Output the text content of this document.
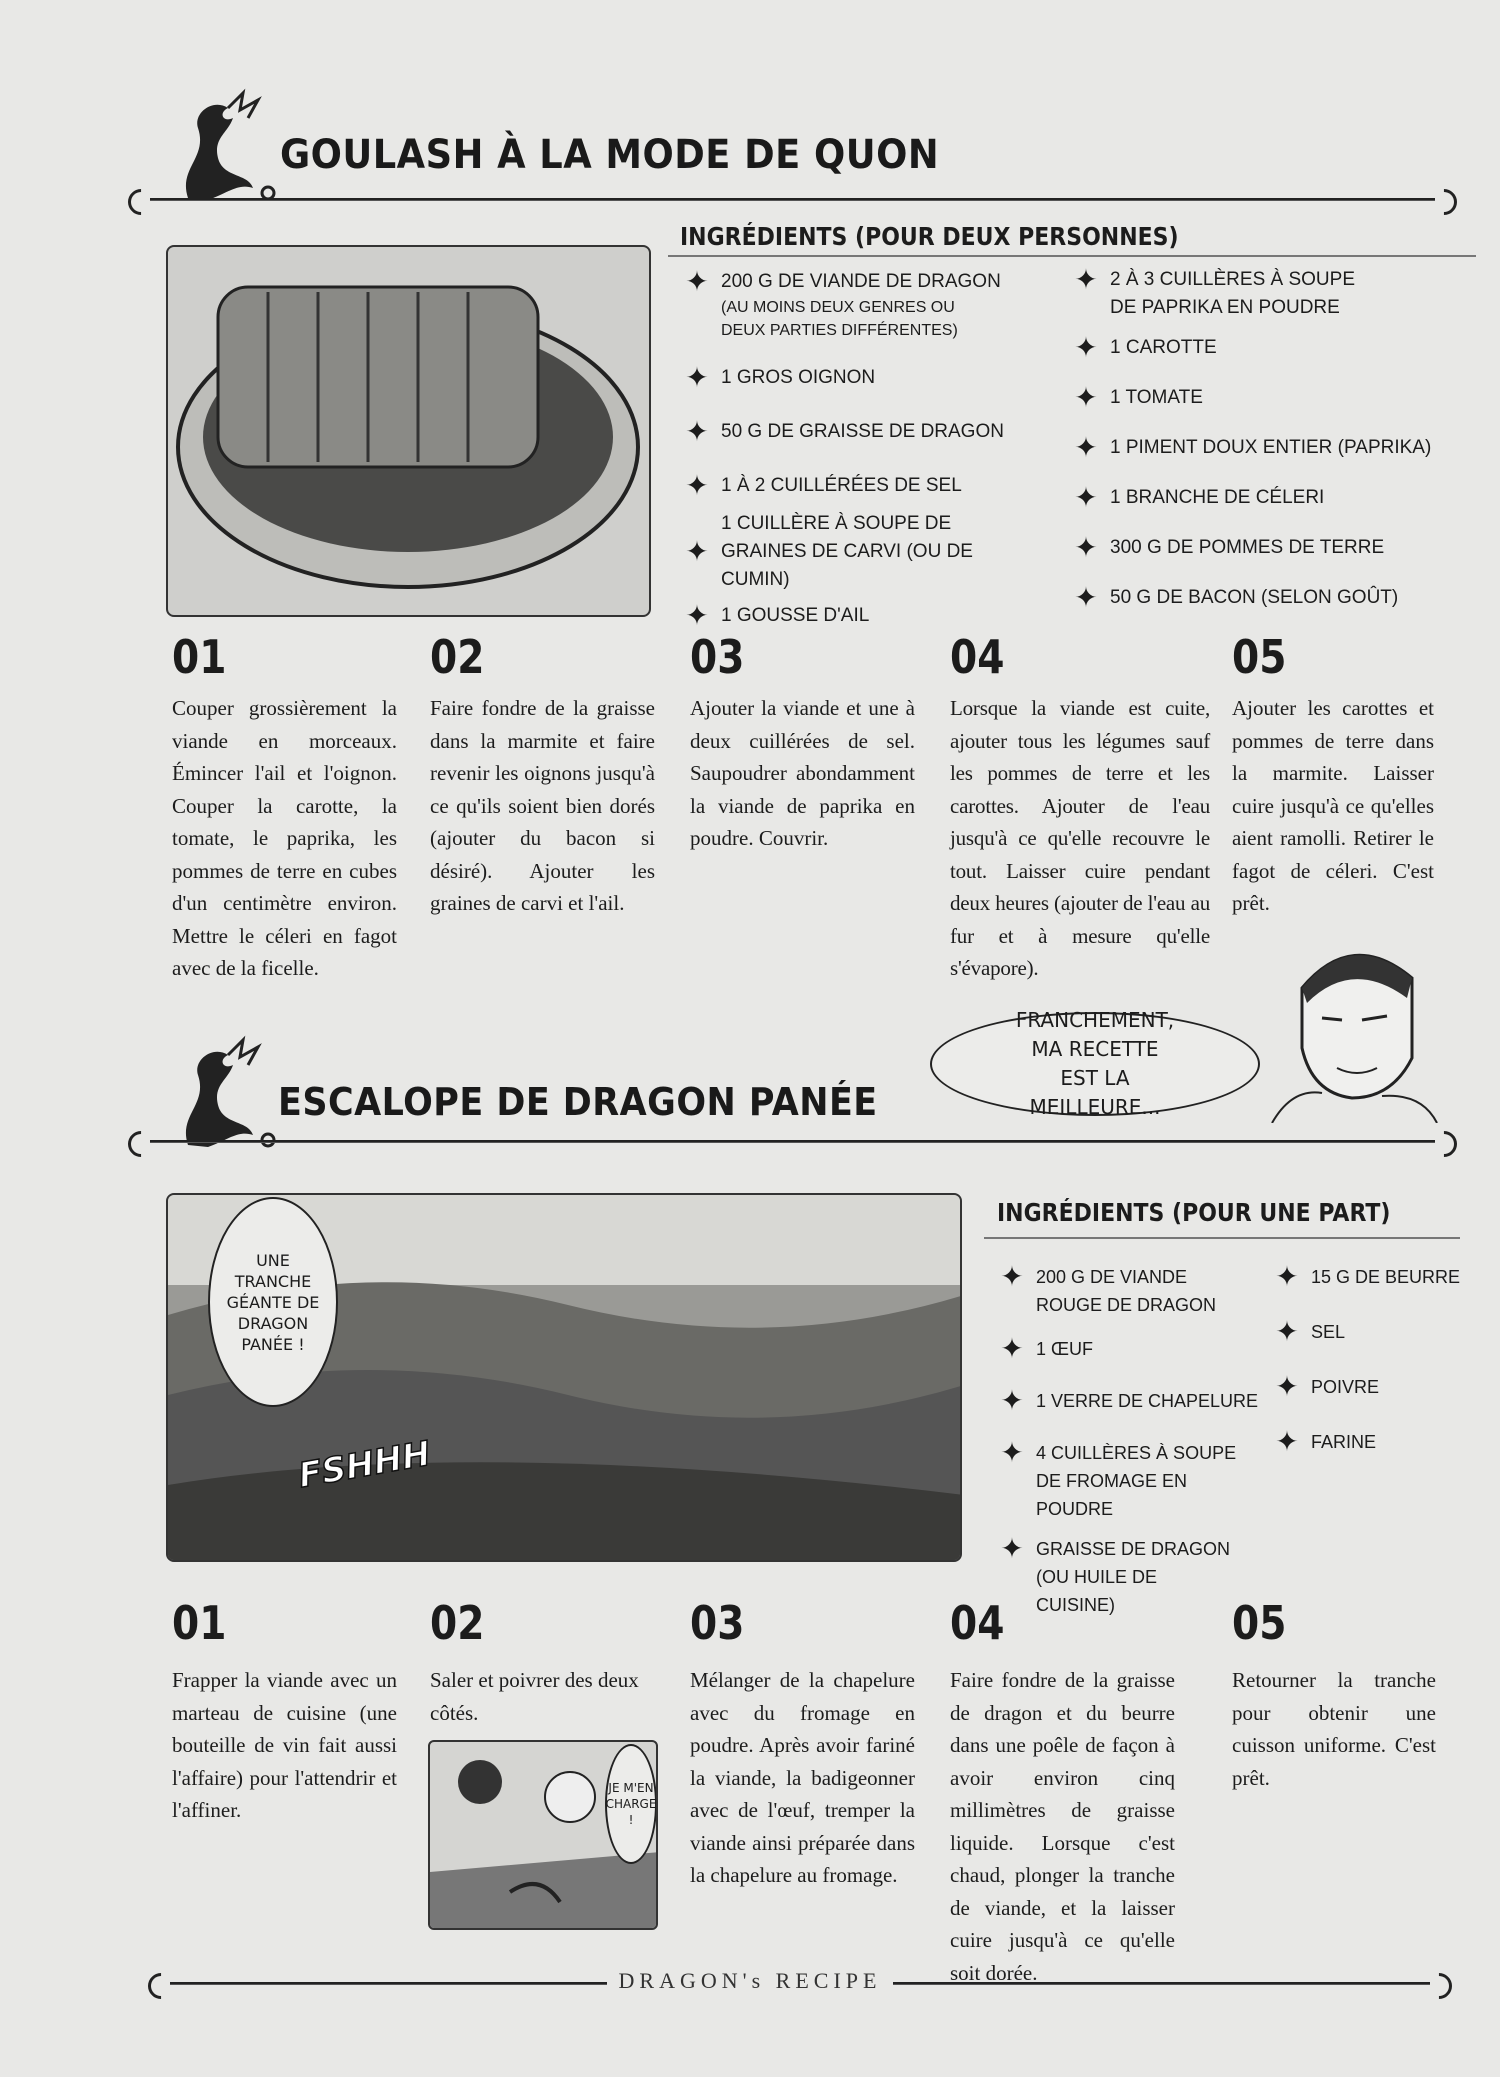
GOULASH À LA MODE DE QUON
INGRÉDIENTS (POUR DEUX PERSONNES)
✦ 200 G DE VIANDE DE DRAGON
(AU MOINS DEUX GENRES OU DEUX PARTIES DIFFÉRENTES)
✦ 1 GROS OIGNON
✦ 50 G DE GRAISSE DE DRAGON
✦ 1 À 2 CUILLÉRÉES DE SEL
✦
1 CUILLÈRE À SOUPE DE GRAINES DE CARVI (OU DE CUMIN)
✦ 1 GOUSSE D'AIL
✦ 2 À 3 CUILLÈRES À SOUPE DE PAPRIKA EN POUDRE
✦ 1 CAROTTE
✦ 1 TOMATE
✦ 1 PIMENT DOUX ENTIER (PAPRIKA)
✦ 1 BRANCHE DE CÉLERI
✦ 300 G DE POMMES DE TERRE
✦ 50 G DE BACON (SELON GOÛT)
01
Couper grossièrement la viande en morceaux. Émincer l'ail et l'oignon. Couper la carotte, la tomate, le paprika, les pommes de terre en cubes d'un centimètre environ. Mettre le céleri en fagot avec de la ficelle.
02
Faire fondre de la graisse dans la marmite et faire revenir les oignons jusqu'à ce qu'ils soient bien dorés (ajouter du bacon si désiré). Ajouter les graines de carvi et l'ail.
03
Ajouter la viande et une à deux cuillérées de sel. Saupoudrer abondamment la viande de paprika en poudre. Couvrir.
04
Lorsque la viande est cuite, ajouter tous les légumes sauf les pommes de terre et les carottes. Ajouter de l'eau jusqu'à ce qu'elle recouvre le tout. Laisser cuire pendant deux heures (ajouter de l'eau au fur et à mesure qu'elle s'évapore).
05
Ajouter les carottes et pommes de terre dans la marmite. Laisser cuire jusqu'à ce qu'elles aient ramolli. Retirer le fagot de céleri. C'est prêt.
FRANCHEMENT, MA RECETTE EST LA MEILLEURE...
ESCALOPE DE DRAGON PANÉE
UNE TRANCHE GÉANTE DE DRAGON PANÉE !
FSHHH
INGRÉDIENTS (POUR UNE PART)
✦ 200 G DE VIANDE ROUGE DE DRAGON
✦ 1 ŒUF
✦ 1 VERRE DE CHAPELURE
✦ 4 CUILLÈRES À SOUPE DE FROMAGE EN POUDRE
✦ GRAISSE DE DRAGON (OU HUILE DE CUISINE)
✦ 15 G DE BEURRE
✦ SEL
✦ POIVRE
✦ FARINE
01
Frapper la viande avec un marteau de cuisine (une bouteille de vin fait aussi l'affaire) pour l'attendrir et l'affiner.
02
Saler et poivrer des deux côtés.
JE M'EN CHARGE !
03
Mélanger de la chapelure avec du fromage en poudre. Après avoir fariné la viande, la badigeonner avec de l'œuf, tremper la viande ainsi préparée dans la chapelure au fromage.
04
Faire fondre de la graisse de dragon et du beurre dans une poêle de façon à avoir environ cinq millimètres de graisse liquide. Lorsque c'est chaud, plonger la tranche de viande, et la laisser cuire jusqu'à ce qu'elle soit dorée.
05
Retourner la tranche pour obtenir une cuisson uniforme. C'est prêt.
DRAGON's RECIPE
